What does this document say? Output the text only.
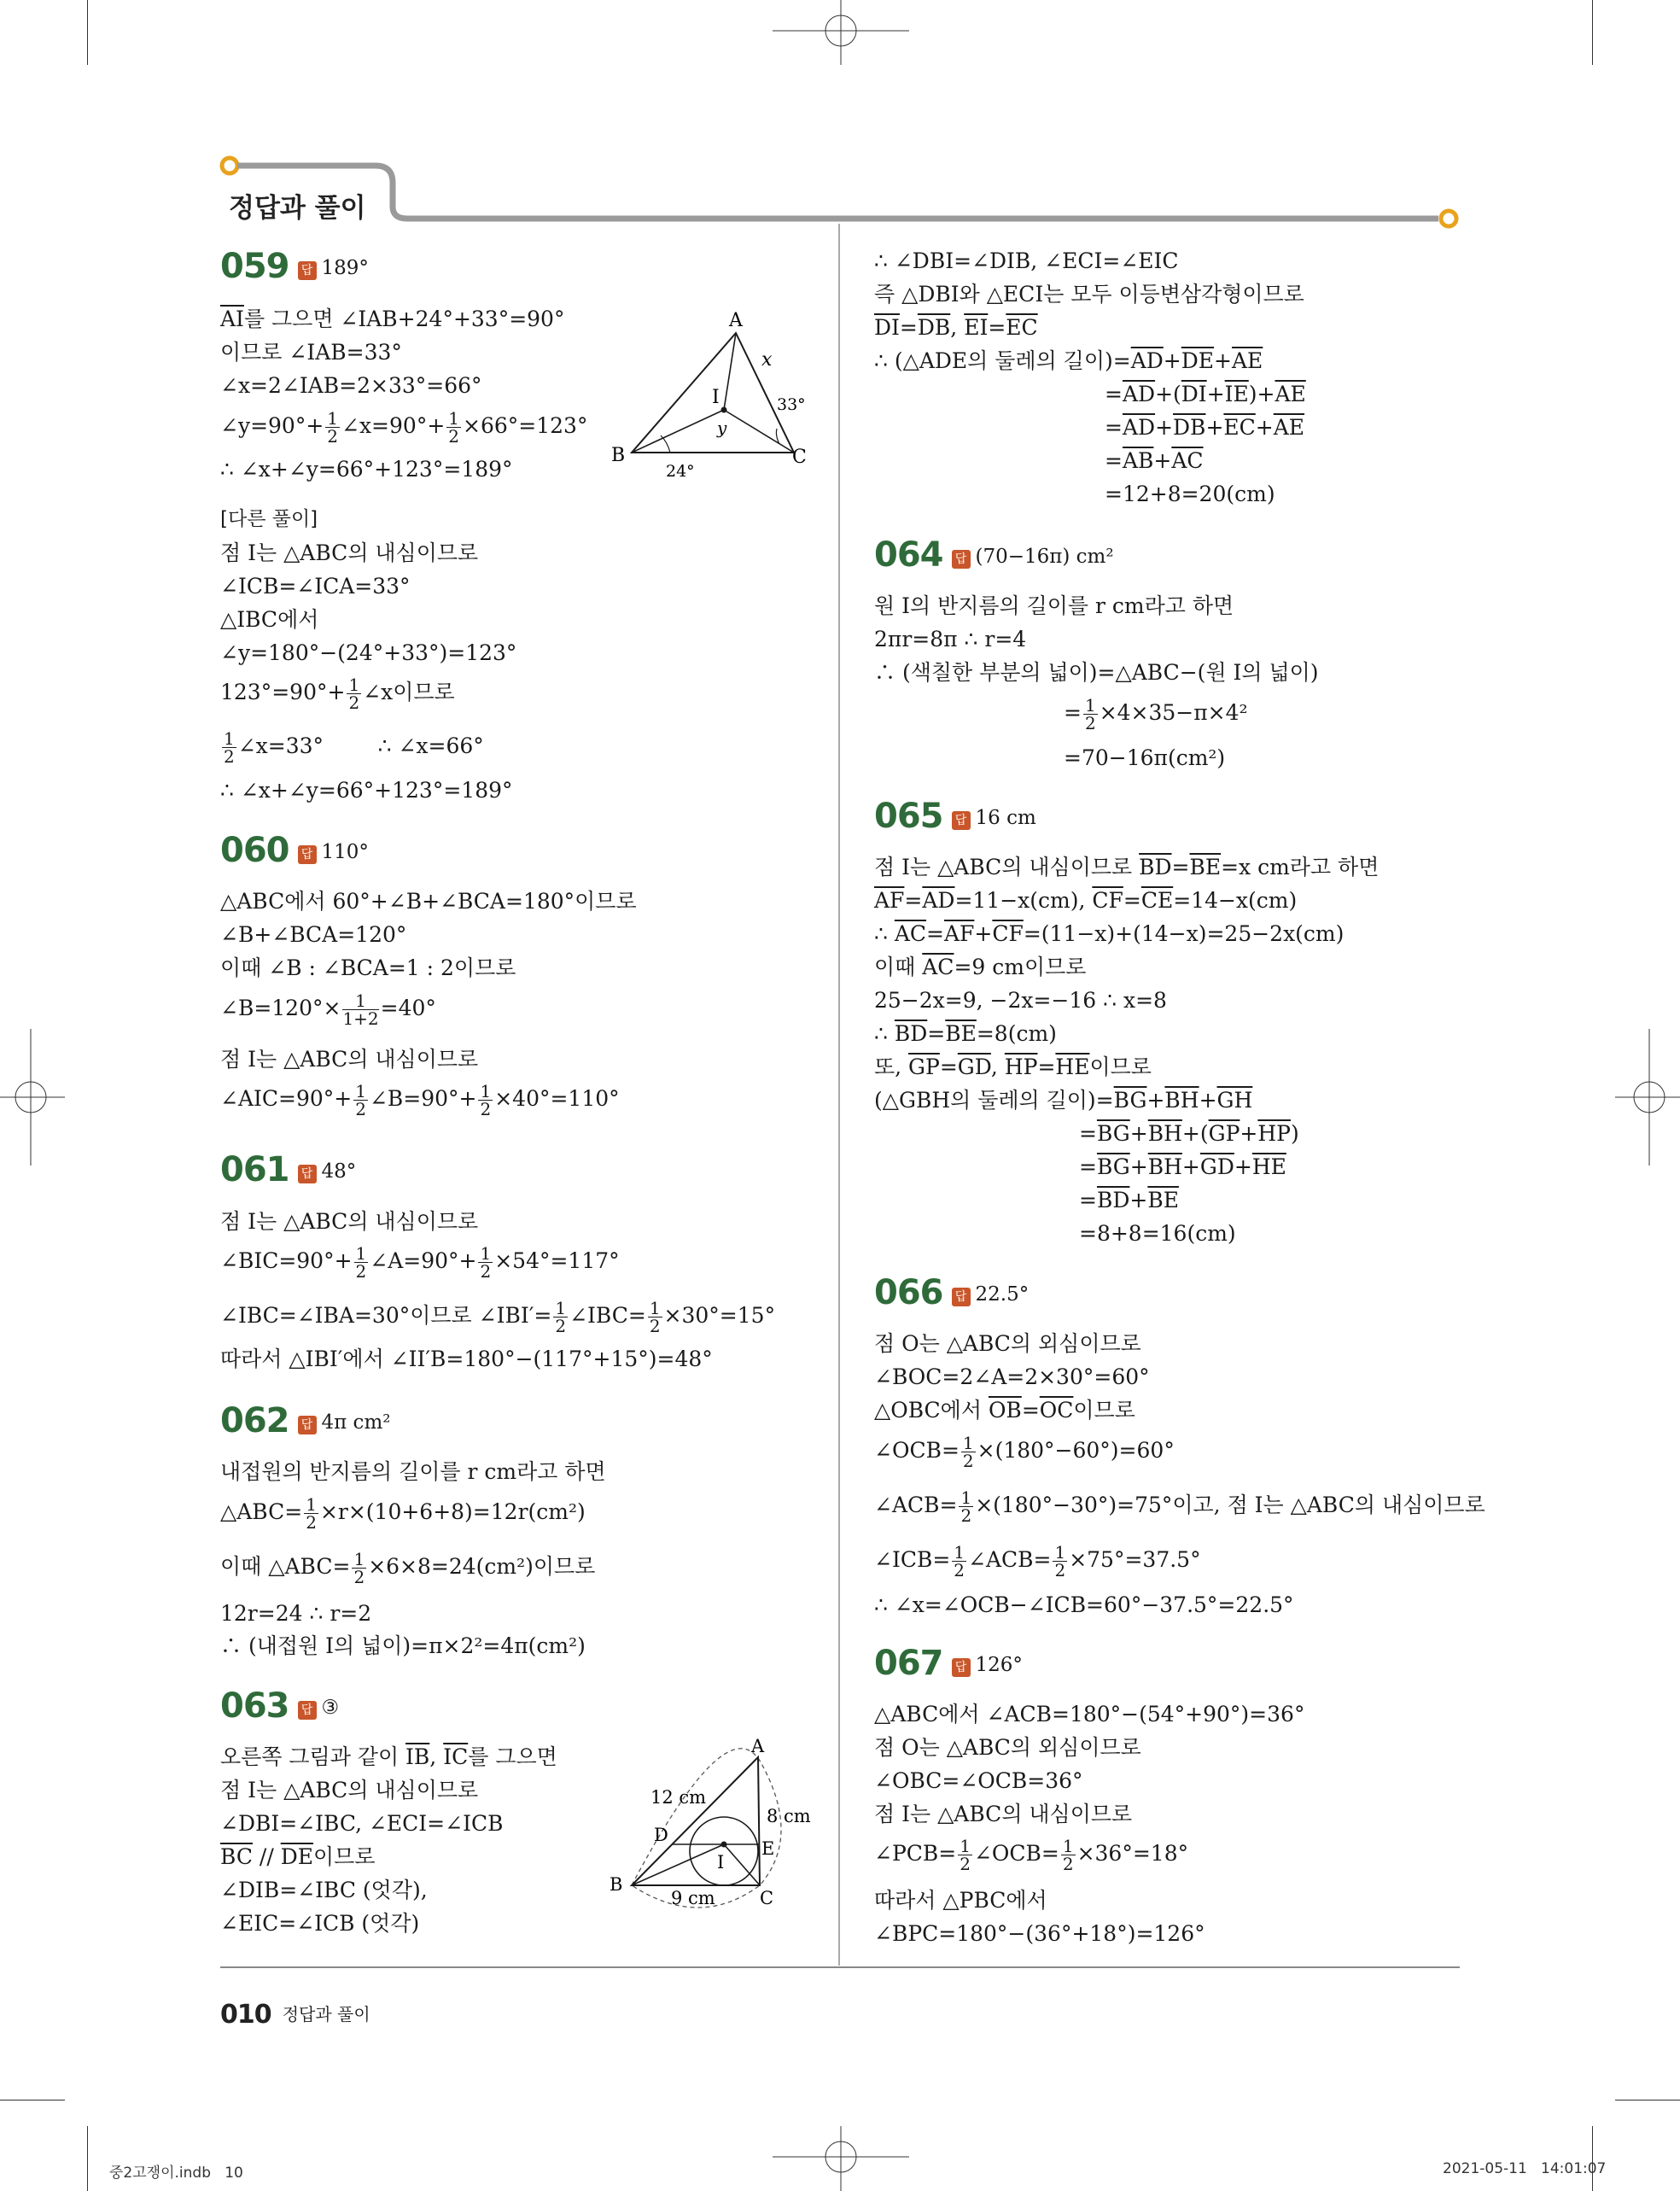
정답과 풀이
059 답 189°
$\overline{AI}$를 그으면 ∠IAB+24°+33°=90°
이므로 ∠IAB=33°
∠x=2∠IAB=2×33°=66°
∠y=90°+ $\frac{1}{2}$ ∠x=90°+ $\frac{1}{2} \times 66^\circ=123^\circ$
∴ ∠x+∠y=66°+123°=189°
[다른 풀이]
점 I는 △ABC의 내심이므로
∠ICB=∠ICA=33°
△IBC에서
∠y=180°−(24°+33°)=123°
$123^\circ=90^\circ+ \frac{1}{2}$ ∠x이므로
$\frac{1}{2}$ ∠x=33°        ∴ ∠x=66°
∴ ∠x+∠y=66°+123°=189°
060 답 110°
△ABC에서 60°+∠B+∠BCA=180°이므로
∠B+∠BCA=120°
이때 ∠B : ∠BCA=1 : 2이므로
∠B=120°× $\frac{1}{1+2} =40^\circ$
점 I는 △ABC의 내심이므로
∠AIC=90°+ $\frac{1}{2}$ ∠B=90°+ $\frac{1}{2} \times 40^\circ=110^\circ$
061 답 48°
점 I는 △ABC의 내심이므로
∠BIC=90°+ $\frac{1}{2}$ ∠A=90°+ $\frac{1}{2} \times 54^\circ=117^\circ$
∠IBC=∠IBA=30°이므로 ∠IBI′= $\frac{1}{2}$ ∠IBC= $\frac{1}{2} \times 30^\circ=15^\circ$
따라서 △IBI′에서 ∠II′B=180°−(117°+15°)=48°
062 답 4π cm²
내접원의 반지름의 길이를 r cm라고 하면
△ABC= $\frac{1}{2} \times r\times(10+6+8)=12r(cm^2)$
이때 △ABC= $\frac{1}{2} \times 6\times 8=24(cm^2)$이므로
12r=24 ∴ r=2
∴ (내접원 I의 넓이)=π×2²=4π(cm²)
063 답 ③
오른쪽 그림과 같이 $\overline{IB}$, $\overline{IC}$를 그으면
점 I는 △ABC의 내심이므로
∠DBI=∠IBC, ∠ECI=∠ICB
$\overline{BC} // \overline{DE}$이므로
∠DIB=∠IBC (엇각),
∠EIC=∠ICB (엇각)
A
B	C
I
x
y
33°
24°
A
B
C
D
E
I
12 cm
8 cm
9 cm
∴ ∠DBI=∠DIB, ∠ECI=∠EIC
즉 △DBI와 △ECI는 모두 이등변삼각형이므로
$\overline{DI}=\overline{DB}$, $\overline{EI}=\overline{EC}$
∴ (△ADE의 둘레의 길이)$=\overline{AD}+\overline{DE}+\overline{AE}$
$=\overline{AD}+(\overline{DI}+\overline{IE})+\overline{AE}$
$=\overline{AD}+\overline{DB}+\overline{EC}+\overline{AE}$
$=\overline{AB}+\overline{AC}$
=12+8=20(cm)
064 답 (70−16π) cm²
원 I의 반지름의 길이를 r cm라고 하면
2πr=8π ∴ r=4
∴ (색칠한 부분의 넓이)=△ABC−(원 I의 넓이)
= $\frac{1}{2} \times 4\times 35-\pi\times 4^2$
=70−16π(cm²)
065 답 16 cm
점 I는 △ABC의 내심이므로 $\overline{BD}=\overline{BE}=x$ cm라고 하면
$\overline{AF}=\overline{AD}=11-x(cm)$, $\overline{CF}=\overline{CE}=14-x(cm)$
∴ $\overline{AC}=\overline{AF}+\overline{CF}=(11-x)+(14-x)=25-2x(cm)$
이때 $\overline{AC}=9$ cm이므로
25−2x=9, −2x=−16 ∴ x=8
∴ $\overline{BD}=\overline{BE}=8(cm)$
또, $\overline{GP}=\overline{GD}$, $\overline{HP}=\overline{HE}$이므로
(△GBH의 둘레의 길이)$=\overline{BG}+\overline{BH}+\overline{GH}$
$=\overline{BG}+\overline{BH}+(\overline{GP}+\overline{HP})$
$=\overline{BG}+\overline{BH}+\overline{GD}+\overline{HE}$
$=\overline{BD}+\overline{BE}$
=8+8=16(cm)
066 답 22.5°
점 O는 △ABC의 외심이므로
∠BOC=2∠A=2×30°=60°
△OBC에서 $\overline{OB}=\overline{OC}$이므로
∠OCB= $\frac{1}{2} \times(180^\circ-60^\circ)=60^\circ$
∠ACB= $\frac{1}{2} \times(180^\circ-30^\circ)=75^\circ$이고, 점 I는 △ABC의 내심이므로
∠ICB= $\frac{1}{2}$ ∠ACB= $\frac{1}{2} \times 75^\circ=37.5^\circ$
∴ ∠x=∠OCB−∠ICB=60°−37.5°=22.5°
067 답 126°
△ABC에서 ∠ACB=180°−(54°+90°)=36°
점 O는 △ABC의 외심이므로
∠OBC=∠OCB=36°
점 I는 △ABC의 내심이므로
∠PCB= $\frac{1}{2}$ ∠OCB= $\frac{1}{2} \times 36^\circ=18^\circ$
따라서 △PBC에서
∠BPC=180°−(36°+18°)=126°
010 정답과 풀이
중2고쟁이.indb   10	2021-05-11 14:01:07
